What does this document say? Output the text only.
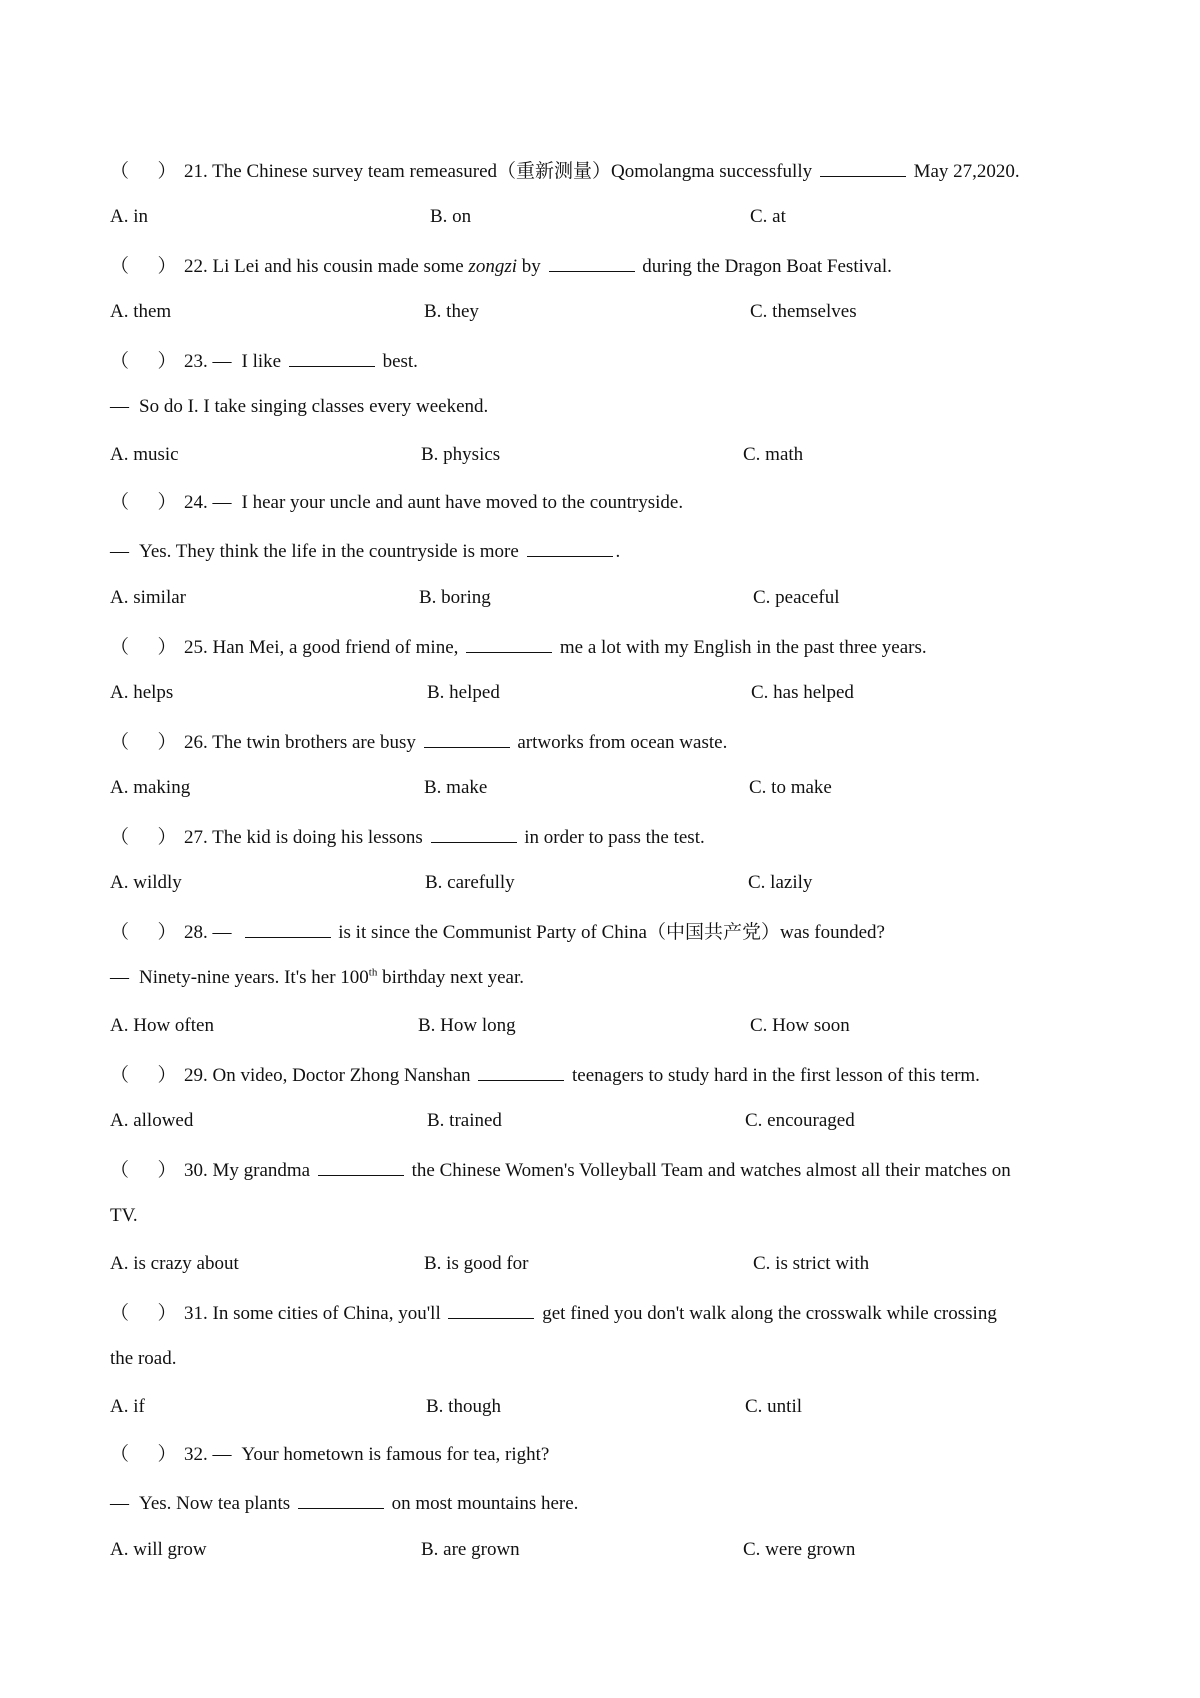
（ ） 21. The Chinese survey team remeasured（重新测量）Qomolangma successfully	May 27,2020.
A. in	B. on	C. at
（ ） 22. Li Lei and his cousin made some zongzi by	during the Dragon Boat Festival.
A. them	B. they	C. themselves
（ ） 23. — I like	best.
— So do I. I take singing classes every weekend.
A. music	B. physics	C. math
（ ） 24. — I hear your uncle and aunt have moved to the countryside.
— Yes. They think the life in the countryside is more	.
A. similar	B. boring	C. peaceful
（ ） 25. Han Mei, a good friend of mine,	me a lot with my English in the past three years.
A. helps	B. helped	C. has helped
（ ） 26. The twin brothers are busy	artworks from ocean waste.
A. making	B. make	C. to make
（ ） 27. The kid is doing his lessons	in order to pass the test.
A. wildly	B. carefully	C. lazily
（ ） 28. —	is it since the Communist Party of China（中国共产党）was founded?
— Ninety-nine years. It's her 100th birthday next year.
A. How often	B. How long	C. How soon
（ ） 29. On video, Doctor Zhong Nanshan	teenagers to study hard in the first lesson of this term.
A. allowed	B. trained	C. encouraged
（ ） 30. My grandma	the Chinese Women's Volleyball Team and watches almost all their matches on
TV.
A. is crazy about	B. is good for	C. is strict with
（ ） 31. In some cities of China, you'll	get fined you don't walk along the crosswalk while crossing
the road.
A. if	B. though	C. until
（ ） 32. — Your hometown is famous for tea, right?
— Yes. Now tea plants	on most mountains here.
A. will grow	B. are grown	C. were grown
